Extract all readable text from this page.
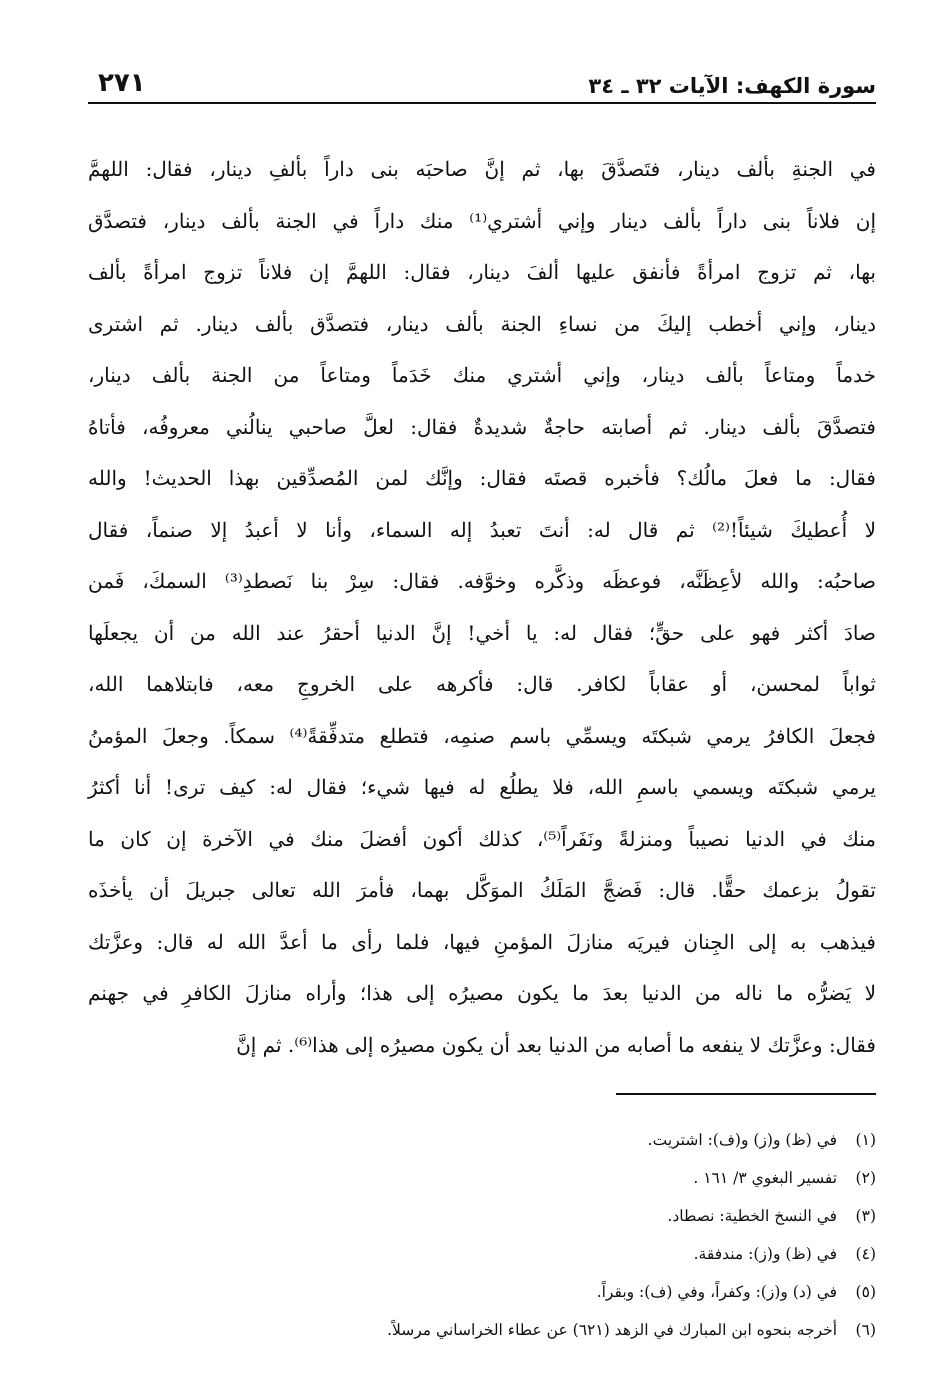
سورة الكهف: الآيات ٣٢ ـ ٣٤
٢٧١
في الجنةِ بألف دينار، فتَصدَّقَ بها، ثم إنَّ صاحبَه بنى داراً بألفِ دينار، فقال: اللهمَّ
إن فلاناً بنى داراً بألف دينار وإني أشتري⁽¹⁾ منك داراً في الجنة بألف دينار، فتصدَّق
بها، ثم تزوج امرأةً فأنفق عليها ألفَ دينار، فقال: اللهمَّ إن فلاناً تزوج امرأةً بألف
دينار، وإني أخطب إليكَ من نساءِ الجنة بألف دينار، فتصدَّق بألف دينار. ثم اشترى
خدماً ومتاعاً بألف دينار، وإني أشتري منك خَدَماً ومتاعاً من الجنة بألف دينار،
فتصدَّقَ بألف دينار. ثم أصابته حاجةٌ شديدةٌ فقال: لعلَّ صاحبي ينالُني معروفُه، فأتاهُ
فقال: ما فعلَ مالُك؟ فأخبره قصتَه فقال: وإنَّك لمن المُصدِّقين بهذا الحديث! والله
لا أُعطيكَ شيئاً!⁽²⁾ ثم قال له: أنتَ تعبدُ إله السماء، وأنا لا أعبدُ إلا صنماً، فقال
صاحبُه: والله لأعِظَنَّه، فوعظَه وذكَّره وخوَّفه. فقال: سِرْ بنا نَصطدِ⁽³⁾ السمكَ، فَمن
صادَ أكثر فهو على حقٍّ؛ فقال له: يا أخي! إنَّ الدنيا أحقرُ عند الله من أن يجعلَها
ثواباً لمحسن، أو عقاباً لكافر. قال: فأكرهه على الخروجِ معه، فابتلاهما الله،
فجعلَ الكافرُ يرمي شبكتَه ويسمِّي باسم صنمِه، فتطلع متدفِّقةً⁽⁴⁾ سمكاً. وجعلَ المؤمنُ
يرمي شبكتَه ويسمي باسمِ الله، فلا يطلُع له فيها شيء؛ فقال له: كيف ترى! أنا أكثرُ
منك في الدنيا نصيباً ومنزلةً ونَفَراً⁽⁵⁾، كذلك أكون أفضلَ منك في الآخرة إن كان ما
تقولُ بزعمك حقًّا. قال: فَضجَّ المَلَكُ الموَكَّل بهما، فأمرَ الله تعالى جبريلَ أن يأخذَه
فيذهب به إلى الجِنان فيريَه منازلَ المؤمنِ فيها، فلما رأى ما أعدَّ الله له قال: وعزَّتك
لا يَضرُّه ما ناله من الدنيا بعدَ ما يكون مصيرُه إلى هذا؛ وأراه منازلَ الكافرِ في جهنم
فقال: وعزَّتك لا ينفعه ما أصابه من الدنيا بعد أن يكون مصيرُه إلى هذا⁽⁶⁾. ثم إنَّ
(١) في (ظ) و(ز) و(ف): اشتريت.
(٢) تفسير البغوي ٣/ ١٦١ .
(٣) في النسخ الخطية: نصطاد.
(٤) في (ظ) و(ز): مندفقة.
(٥) في (د) و(ز): وكفراً، وفي (ف): وبقراً.
(٦) أخرجه بنحوه ابن المبارك في الزهد (٦٢١) عن عطاء الخراساني مرسلاً.
